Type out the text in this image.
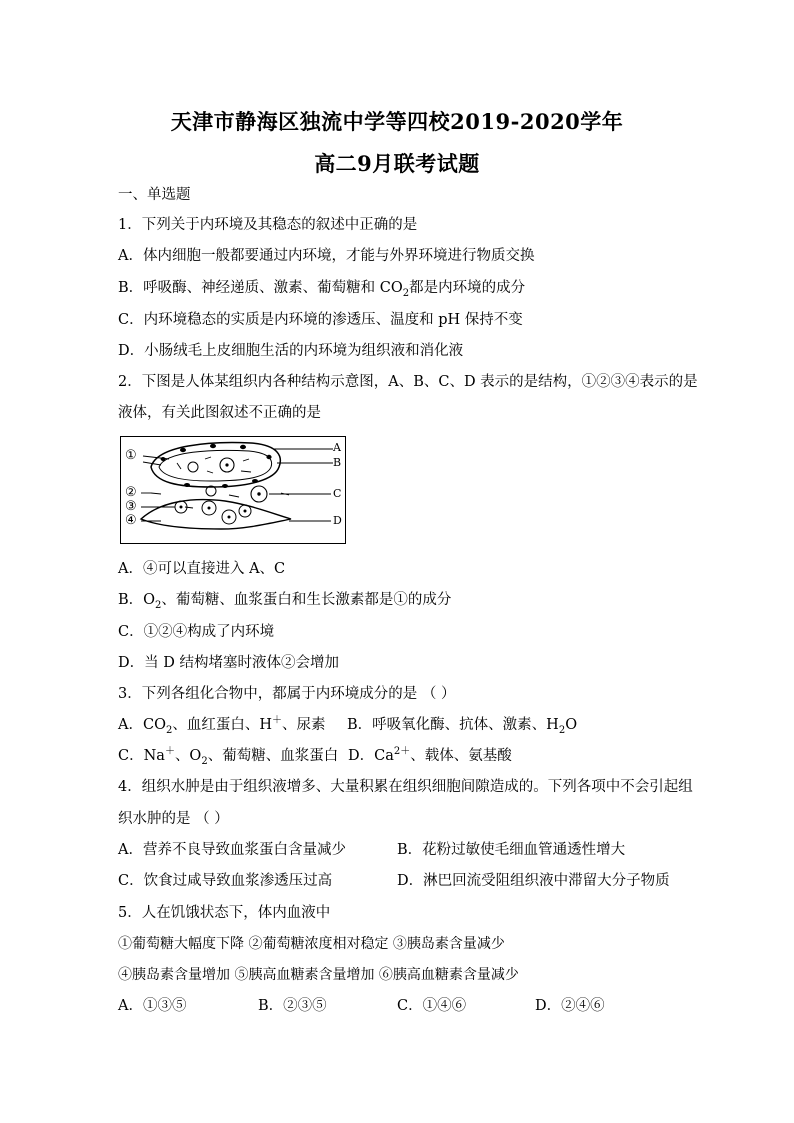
天津市静海区独流中学等四校2019-2020学年
高二9月联考试题
一、单选题
1．下列关于内环境及其稳态的叙述中正确的是
A．体内细胞一般都要通过内环境，才能与外界环境进行物质交换
B．呼吸酶、神经递质、激素、葡萄糖和 $CO_2$都是内环境的成分
C．内环境稳态的实质是内环境的渗透压、温度和 pH 保持不变
D．小肠绒毛上皮细胞生活的内环境为组织液和消化液
2．下图是人体某组织内各种结构示意图，A、B、C、D 表示的是结构，①②③④表示的是
液体，有关此图叙述不正确的是
①
②
③
④
A
B
C
D
A．④可以直接进入 A、C
B．$O_2$、葡萄糖、血浆蛋白和生长激素都是①的成分
C．①②④构成了内环境
D．当 D 结构堵塞时液体②会增加
3．下列各组化合物中，都属于内环境成分的是 （ ）
A．$CO_2$、血红蛋白、H＋、尿素 B．呼吸氧化酶、抗体、激素、$H_2O$
C．Na＋、$O_2$、葡萄糖、血浆蛋白 D．$Ca^{2+}$、载体、氨基酸
4．组织水肿是由于组织液增多、大量积累在组织细胞间隙造成的。下列各项中不会引起组
织水肿的是 （ ）
A．营养不良导致血浆蛋白含量减少	B．花粉过敏使毛细血管通透性增大
C．饮食过咸导致血浆渗透压过高	D．淋巴回流受阻组织液中滞留大分子物质
5．人在饥饿状态下，体内血液中
①葡萄糖大幅度下降 ②葡萄糖浓度相对稳定 ③胰岛素含量减少
④胰岛素含量增加 ⑤胰高血糖素含量增加 ⑥胰高血糖素含量减少
A．①③⑤	B．②③⑤	C．①④⑥	D．②④⑥
